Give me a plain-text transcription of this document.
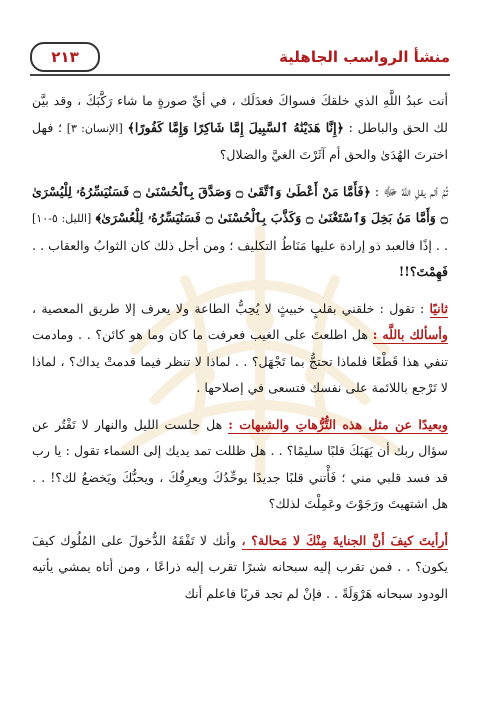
منشأ الرواسب الجاهلية
٢١٣

أنت عبدُ اللَّهِ الذي خلقكَ فسواكَ فعدَلَك ، في أيِّ صورةٍ ما شاء رَكَّبَكَ ، وقد بيَّن لك الحق والباطل : ﴿إِنَّا هَدَيْنَٰهُ ٱلسَّبِيلَ إِمَّا شَاكِرًا وَإِمَّا كَفُورًا﴾ [الإنسان: ٣] ؛ فهل اخترتَ الهُدَىٰ والحق أم آثَرْتَ الغيَّ والضلال؟

ثُمَّ ألم يقلِ اللَّهُ ﷻ : ﴿فَأَمَّا مَنْ أَعْطَىٰ وَٱتَّقَىٰ ۝ وَصَدَّقَ بِٱلْحُسْنَىٰ ۝ فَسَنُيَسِّرُهُۥ لِلْيُسْرَىٰ ۝ وَأَمَّا مَنۢ بَخِلَ وَٱسْتَغْنَىٰ ۝ وَكَذَّبَ بِٱلْحُسْنَىٰ ۝ فَسَنُيَسِّرُهُۥ لِلْعُسْرَىٰ﴾ [الليل: ٥-١٠] . . إذًا فالعبد ذو إرادة عليها مَنَاطُ التكليف ؛ ومن أجل ذلك كان الثوابُ والعقاب . . فَهِمْتَ؟!!

ثانيًا : تقول : خلقني بقلبٍ خبيثٍ لا يُحِبُّ الطاعة ولا يعرف إلا طريق المعصية ، وأسألك باللَّه : هل اطلعتَ على الغيب فعرفت ما كان وما هو كائن؟ . . ومادمت تنفي هذا قَطْعًا فلماذا تحتجُّ بما تَجْهَل؟ . . لماذا لا تنظر فيما قدمتْ يداك؟ ، لماذا لا تَرْجع باللائمة على نفسك فتسعى في إصلاحها .

وبعيدًا عن مثل هذه التُّرُّهاتِ والشبهات : هل جلست الليل والنهار لا تَفْتُر عن سؤال ربك أن يَهَبَكَ قلبًا سليمًا؟ . . هل ظللت تمد يديك إلى السماء تقول : يا رب قد فسد قلبي مني ؛ فَأْتني قلبًا جديدًا يوحِّدُكَ ويعرِفُكَ ، ويحبُّكَ ويَخضعُ لك؟! . . هل اشتهيتَ ورَجَوْتَ وعَمِلْتَ لذلك؟

أرأيتَ كيفَ أنَّ الجنايةَ مِنْكَ لا مَحالة؟ ، وأنك لا تَفْقَهُ الدُّخولَ على المُلُوك كيفَ يكون؟ . . فمن تقرب إليه سبحانه شبرًا تقرب إليه ذراعًا ، ومن أتاه يمشي يأتيه الودود سبحانه هَرْوَلَةً . . فإنْ لم تجد قربًا فاعلم أنك
